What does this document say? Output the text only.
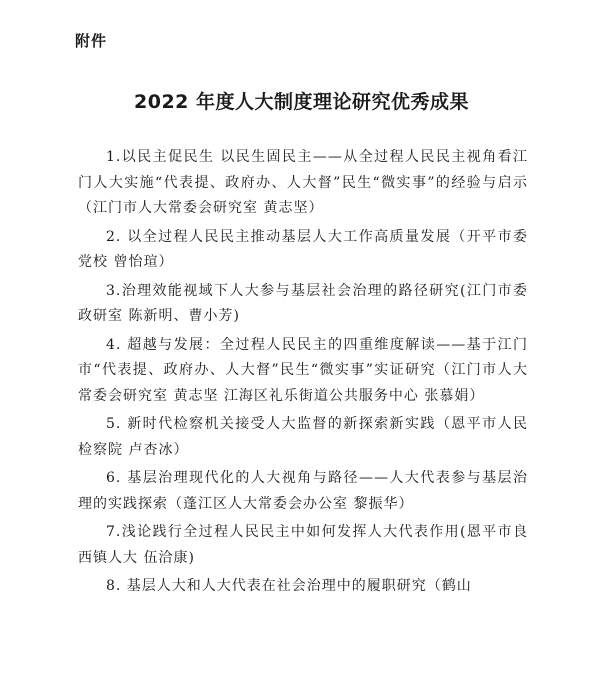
附件
2022 年度人大制度理论研究优秀成果

1.以民主促民生 以民生固民主——从全过程人民民主视角看江门人大实施“代表提、政府办、人大督”民生“微实事”的经验与启示（江门市人大常委会研究室 黄志坚）

2. 以全过程人民民主推动基层人大工作高质量发展（开平市委党校 曾怡瑄）

3.治理效能视域下人大参与基层社会治理的路径研究(江门市委政研室 陈新明、曹小芳)

4. 超越与发展：全过程人民民主的四重维度解读——基于江门市“代表提、政府办、人大督”民生“微实事”实证研究（江门市人大常委会研究室 黄志坚 江海区礼乐街道公共服务中心 张慕娟）

5. 新时代检察机关接受人大监督的新探索新实践（恩平市人民检察院 卢杏冰）

6. 基层治理现代化的人大视角与路径——人大代表参与基层治理的实践探索（蓬江区人大常委会办公室 黎振华）

7.浅论践行全过程人民民主中如何发挥人大代表作用(恩平市良西镇人大 伍洽康)

8. 基层人大和人大代表在社会治理中的履职研究（鹤山
